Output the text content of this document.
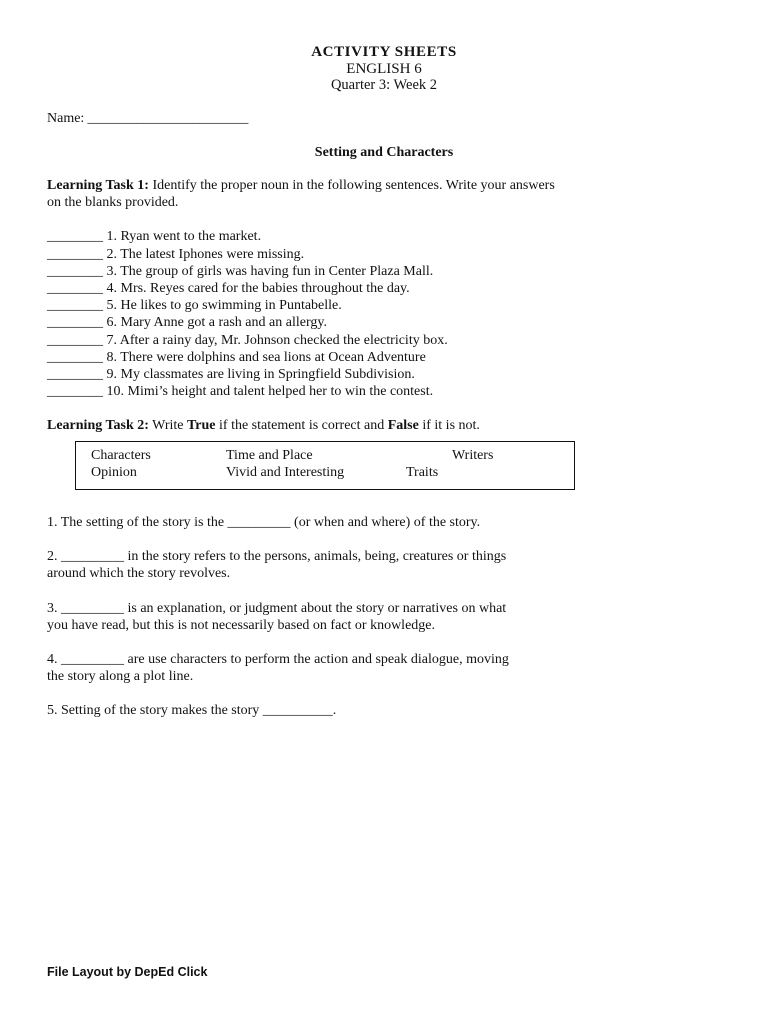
ACTIVITY SHEETS
ENGLISH 6
Quarter 3: Week 2
Name: _______________________
Setting and Characters
Learning Task 1: Identify the proper noun in the following sentences. Write your answers
on the blanks provided.
________ 1. Ryan went to the market.
________ 2. The latest Iphones were missing.
________ 3. The group of girls was having fun in Center Plaza Mall.
________ 4. Mrs. Reyes cared for the babies throughout the day.
________ 5. He likes to go swimming in Puntabelle.
________ 6. Mary Anne got a rash and an allergy.
________ 7. After a rainy day, Mr. Johnson checked the electricity box.
________ 8. There were dolphins and sea lions at Ocean Adventure
________ 9. My classmates are living in Springfield Subdivision.
________ 10. Mimi’s height and talent helped her to win the contest.
Learning Task 2: Write True if the statement is correct and False if it is not.
Characters	Time and Place	Writers
Opinion	Vivid and Interesting	Traits
1. The setting of the story is the _________ (or when and where) of the story.
2. _________ in the story refers to the persons, animals, being, creatures or things
around which the story revolves.
3. _________ is an explanation, or judgment about the story or narratives on what
you have read, but this is not necessarily based on fact or knowledge.
4. _________ are use characters to perform the action and speak dialogue, moving
the story along a plot line.
5. Setting of the story makes the story __________.
File Layout by DepEd Click
